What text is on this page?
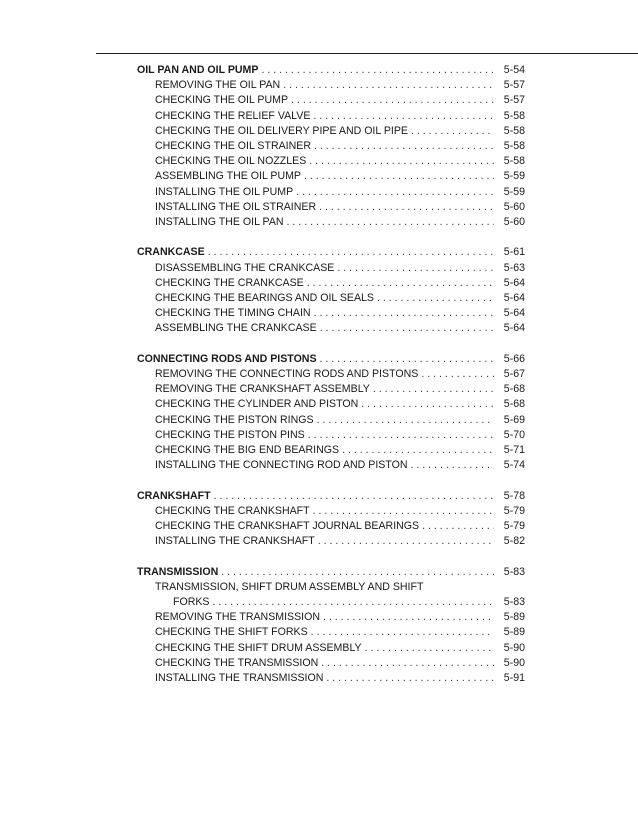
OIL PAN AND OIL PUMP . . .	5-54
REMOVING THE OIL PAN . . .	5-57
CHECKING THE OIL PUMP . . .	5-57
CHECKING THE RELIEF VALVE . . .	5-58
CHECKING THE OIL DELIVERY PIPE AND OIL PIPE . . .	5-58
CHECKING THE OIL STRAINER . . .	5-58
CHECKING THE OIL NOZZLES . . .	5-58
ASSEMBLING THE OIL PUMP . . .	5-59
INSTALLING THE OIL PUMP . . .	5-59
INSTALLING THE OIL STRAINER . . .	5-60
INSTALLING THE OIL PAN . . .	5-60
CRANKCASE . . .	5-61
DISASSEMBLING THE CRANKCASE . . .	5-63
CHECKING THE CRANKCASE . . .	5-64
CHECKING THE BEARINGS AND OIL SEALS . . .	5-64
CHECKING THE TIMING CHAIN . . .	5-64
ASSEMBLING THE CRANKCASE . . .	5-64
CONNECTING RODS AND PISTONS . . .	5-66
REMOVING THE CONNECTING RODS AND PISTONS . . .	5-67
REMOVING THE CRANKSHAFT ASSEMBLY . . .	5-68
CHECKING THE CYLINDER AND PISTON . . .	5-68
CHECKING THE PISTON RINGS . . .	5-69
CHECKING THE PISTON PINS . . .	5-70
CHECKING THE BIG END BEARINGS . . .	5-71
INSTALLING THE CONNECTING ROD AND PISTON . . .	5-74
CRANKSHAFT . . .	5-78
CHECKING THE CRANKSHAFT . . .	5-79
CHECKING THE CRANKSHAFT JOURNAL BEARINGS . . .	5-79
INSTALLING THE CRANKSHAFT . . .	5-82
TRANSMISSION . . .	5-83
TRANSMISSION, SHIFT DRUM ASSEMBLY AND SHIFT
FORKS . . .	5-83
REMOVING THE TRANSMISSION . . .	5-89
CHECKING THE SHIFT FORKS . . .	5-89
CHECKING THE SHIFT DRUM ASSEMBLY . . .	5-90
CHECKING THE TRANSMISSION . . .	5-90
INSTALLING THE TRANSMISSION . . .	5-91
